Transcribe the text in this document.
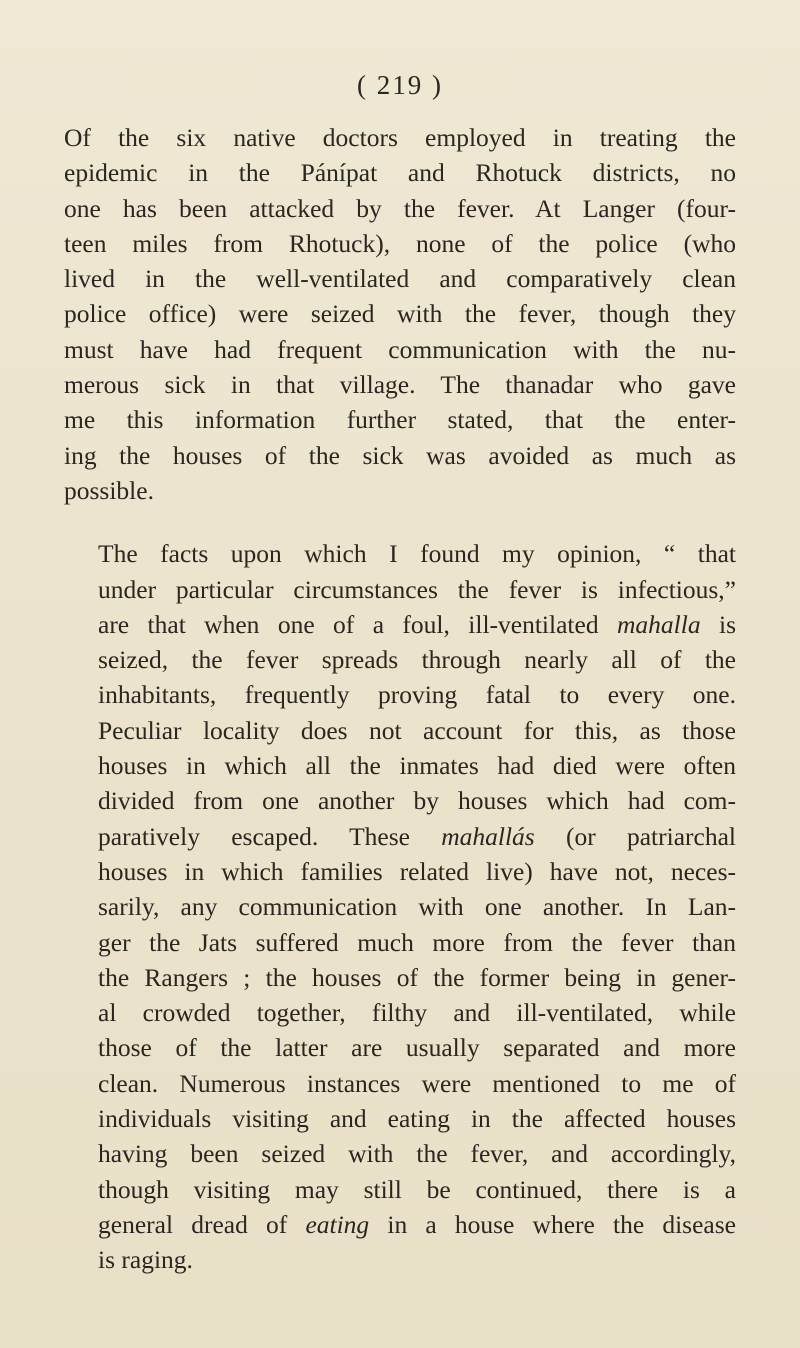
( 219 )

Of the six native doctors employed in treating the
epidemic in the Pánípat and Rhotuck districts, no
one has been attacked by the fever. At Langer (four-
teen miles from Rhotuck), none of the police (who
lived in the well-ventilated and comparatively clean
police office) were seized with the fever, though they
must have had frequent communication with the nu-
merous sick in that village. The thanadar who gave
me this information further stated, that the enter-
ing the houses of the sick was avoided as much as
possible.

The facts upon which I found my opinion, “ that
under particular circumstances the fever is infectious,”
are that when one of a foul, ill-ventilated mahalla is
seized, the fever spreads through nearly all of the
inhabitants, frequently proving fatal to every one.
Peculiar locality does not account for this, as those
houses in which all the inmates had died were often
divided from one another by houses which had com-
paratively escaped. These mahallás (or patriarchal
houses in which families related live) have not, neces-
sarily, any communication with one another. In Lan-
ger the Jats suffered much more from the fever than
the Rangers ; the houses of the former being in gener-
al crowded together, filthy and ill-ventilated, while
those of the latter are usually separated and more
clean. Numerous instances were mentioned to me of
individuals visiting and eating in the affected houses
having been seized with the fever, and accordingly,
though visiting may still be continued, there is a
general dread of eating in a house where the disease
is raging.
